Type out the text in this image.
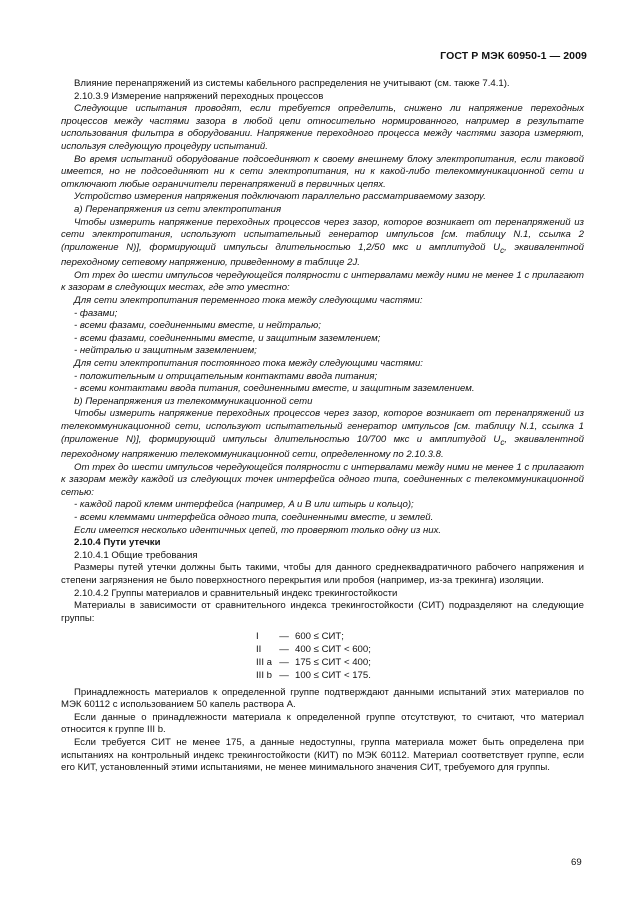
ГОСТ Р МЭК 60950-1 — 2009

Влияние перенапряжений из системы кабельного распределения не учитывают (см. также 7.4.1).

2.10.3.9 Измерение напряжений переходных процессов

Следующие испытания проводят, если требуется определить, снижено ли напряжение переходных процессов между частями зазора в любой цепи относительно нормированного, например в результате использования фильтра в оборудовании. Напряжение переходного процесса между частями зазора измеряют, используя следующую процедуру испытаний.

Во время испытаний оборудование подсоединяют к своему внешнему блоку электропитания, если таковой имеется, но не подсоединяют ни к сети электропитания, ни к какой-либо телекоммуникационной сети и отключают любые ограничители перенапряжений в первичных цепях.

Устройство измерения напряжения подключают параллельно рассматриваемому зазору.

a) Перенапряжения из сети электропитания

Чтобы измерить напряжение переходных процессов через зазор, которое возникает от перенапряжений из сети электропитания, используют испытательный генератор импульсов [см. таблицу N.1, ссылка 2 (приложение N)], формирующий импульсы длительностью 1,2/50 мкс и амплитудой $U_c$, эквивалентной переходному сетевому напряжению, приведенному в таблице 2J.

От трех до шести импульсов чередующейся полярности с интервалами между ними не менее 1 с прилагают к зазорам в следующих местах, где это уместно:

Для сети электропитания переменного тока между следующими частями:

- фазами;

- всеми фазами, соединенными вместе, и нейтралью;

- всеми фазами, соединенными вместе, и защитным заземлением;

- нейтралью и защитным заземлением;

Для сети электропитания постоянного тока между следующими частями:

- положительным и отрицательным контактами ввода питания;

- всеми контактами ввода питания, соединенными вместе, и защитным заземлением.

b) Перенапряжения из телекоммуникационной сети

Чтобы измерить напряжение переходных процессов через зазор, которое возникает от перенапряжений из телекоммуникационной сети, используют испытательный генератор импульсов [см. таблицу N.1, ссылка 1 (приложение N)], формирующий импульсы длительностью 10/700 мкс и амплитудой $U_c$, эквивалентной переходному напряжению телекоммуникационной сети, определенному по 2.10.3.8.

От трех до шести импульсов чередующейся полярности с интервалами между ними не менее 1 с прилагают к зазорам между каждой из следующих точек интерфейса одного типа, соединенных с телекоммуникационной сетью:

- каждой парой клемм интерфейса (например, A и B или штырь и кольцо);

- всеми клеммами интерфейса одного типа, соединенными вместе, и землей.

Если имеется несколько идентичных цепей, то проверяют только одну из них.

2.10.4 Пути утечки

2.10.4.1 Общие требования

Размеры путей утечки должны быть такими, чтобы для данного среднеквадратичного рабочего напряжения и степени загрязнения не было поверхностного перекрытия или пробоя (например, из-за трекинга) изоляции.

2.10.4.2 Группы материалов и сравнительный индекс трекингостойкости

Материалы в зависимости от сравнительного индекса трекингостойкости (СИТ) подразделяют на следующие группы:

I	— 600 ≤ СИТ;
II	— 400 ≤ СИТ < 600;
III a — 175 ≤ СИТ < 400;
III b — 100 ≤ СИТ < 175.

Принадлежность материалов к определенной группе подтверждают данными испытаний этих материалов по МЭК 60112 с использованием 50 капель раствора A.

Если данные о принадлежности материала к определенной группе отсутствуют, то считают, что материал относится к группе III b.

Если требуется СИТ не менее 175, а данные недоступны, группа материала может быть определена при испытаниях на контрольный индекс трекингостойкости (КИТ) по МЭК 60112. Материал соответствует группе, если его КИТ, установленный этими испытаниями, не менее минимального значения СИТ, требуемого для группы.

69
